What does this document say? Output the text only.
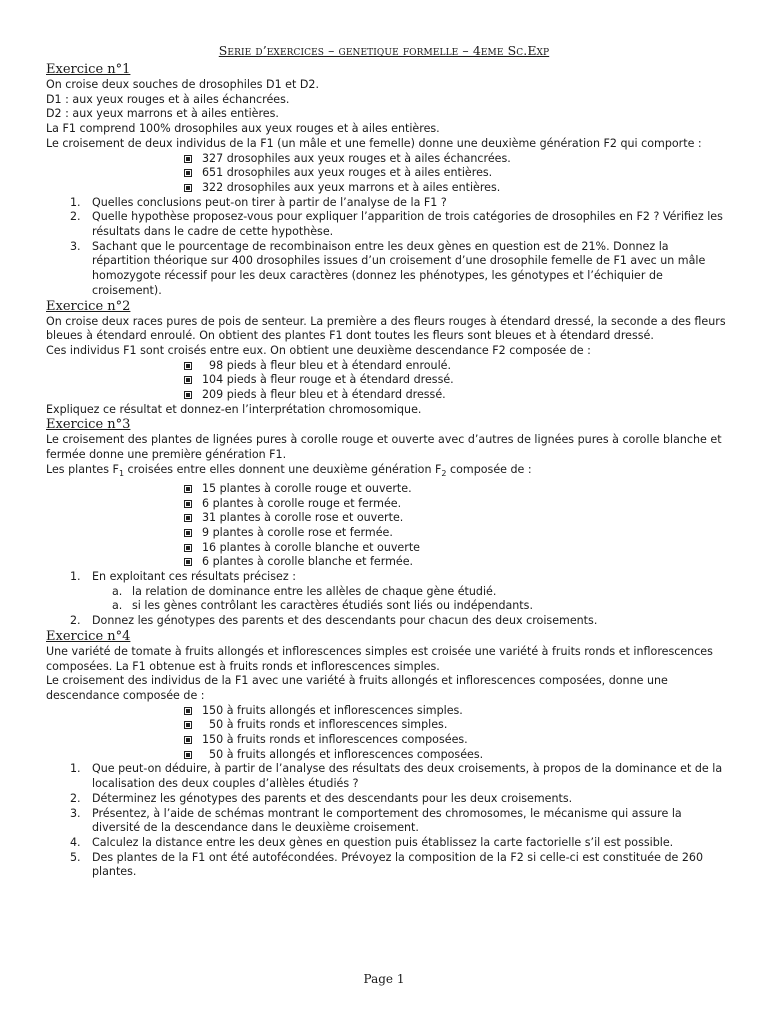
Serie d’exercices – genetique formelle – 4eme Sc.Exp
Exercice n°1

On croise deux souches de drosophiles D1 et D2.

D1 : aux yeux rouges et à ailes échancrées.

D2 : aux yeux marrons et à ailes entières.

La F1 comprend 100% drosophiles aux yeux rouges et à ailes entières.

Le croisement de deux individus de la F1 (un mâle et une femelle) donne une deuxième génération F2 qui comporte :

327 drosophiles aux yeux rouges et à ailes échancrées.
651 drosophiles aux yeux rouges et à ailes entières.
322 drosophiles aux yeux marrons et à ailes entières.
1. Quelles conclusions peut-on tirer à partir de l’analyse de la F1 ?
2. Quelle hypothèse proposez-vous pour expliquer l’apparition de trois catégories de drosophiles en F2 ? Vérifiez les résultats dans le cadre de cette hypothèse.
3. Sachant que le pourcentage de recombinaison entre les deux gènes en question est de 21%. Donnez la répartition théorique sur 400 drosophiles issues d’un croisement d’une drosophile femelle de F1 avec un mâle homozygote récessif pour les deux caractères (donnez les phénotypes, les génotypes et l’échiquier de croisement).
Exercice n°2

On croise deux races pures de pois de senteur. La première a des fleurs rouges à étendard dressé, la seconde a des fleurs bleues à étendard enroulé. On obtient des plantes F1 dont toutes les fleurs sont bleues et à étendard dressé.

Ces individus F1 sont croisés entre eux. On obtient une deuxième descendance F2 composée de :

98 pieds à fleur bleu et à étendard enroulé.
104 pieds à fleur rouge et à étendard dressé.
209 pieds à fleur bleu et à étendard dressé.

Expliquez ce résultat et donnez-en l’interprétation chromosomique.

Exercice n°3

Le croisement des plantes de lignées pures à corolle rouge et ouverte avec d’autres de lignées pures à corolle blanche et fermée donne une première génération F1.

Les plantes $F_1$ croisées entre elles donnent une deuxième génération $F_2$ composée de :

15 plantes à corolle rouge et ouverte.
6 plantes à corolle rouge et fermée.
31 plantes à corolle rose et ouverte.
9 plantes à corolle rose et fermée.
16 plantes à corolle blanche et ouverte
6 plantes à corolle blanche et fermée.
1. En exploitant ces résultats précisez :
a. la relation de dominance entre les allèles de chaque gène étudié.
a. si les gènes contrôlant les caractères étudiés sont liés ou indépendants.
2. Donnez les génotypes des parents et des descendants pour chacun des deux croisements.
Exercice n°4

Une variété de tomate à fruits allongés et inflorescences simples est croisée une variété à fruits ronds et inflorescences composées. La F1 obtenue est à fruits ronds et inflorescences simples.

Le croisement des individus de la F1 avec une variété à fruits allongés et inflorescences composées, donne une descendance composée de :

150 à fruits allongés et inflorescences simples.
50 à fruits ronds et inflorescences simples.
150 à fruits ronds et inflorescences composées.
50 à fruits allongés et inflorescences composées.
1. Que peut-on déduire, à partir de l’analyse des résultats des deux croisements, à propos de la dominance et de la localisation des deux couples d’allèles étudiés ?
2. Déterminez les génotypes des parents et des descendants pour les deux croisements.
3. Présentez, à l’aide de schémas montrant le comportement des chromosomes, le mécanisme qui assure la diversité de la descendance dans le deuxième croisement.
4. Calculez la distance entre les deux gènes en question puis établissez la carte factorielle s’il est possible.
5. Des plantes de la F1 ont été autofécondées. Prévoyez la composition de la F2 si celle-ci est constituée de 260 plantes.
Page 1
